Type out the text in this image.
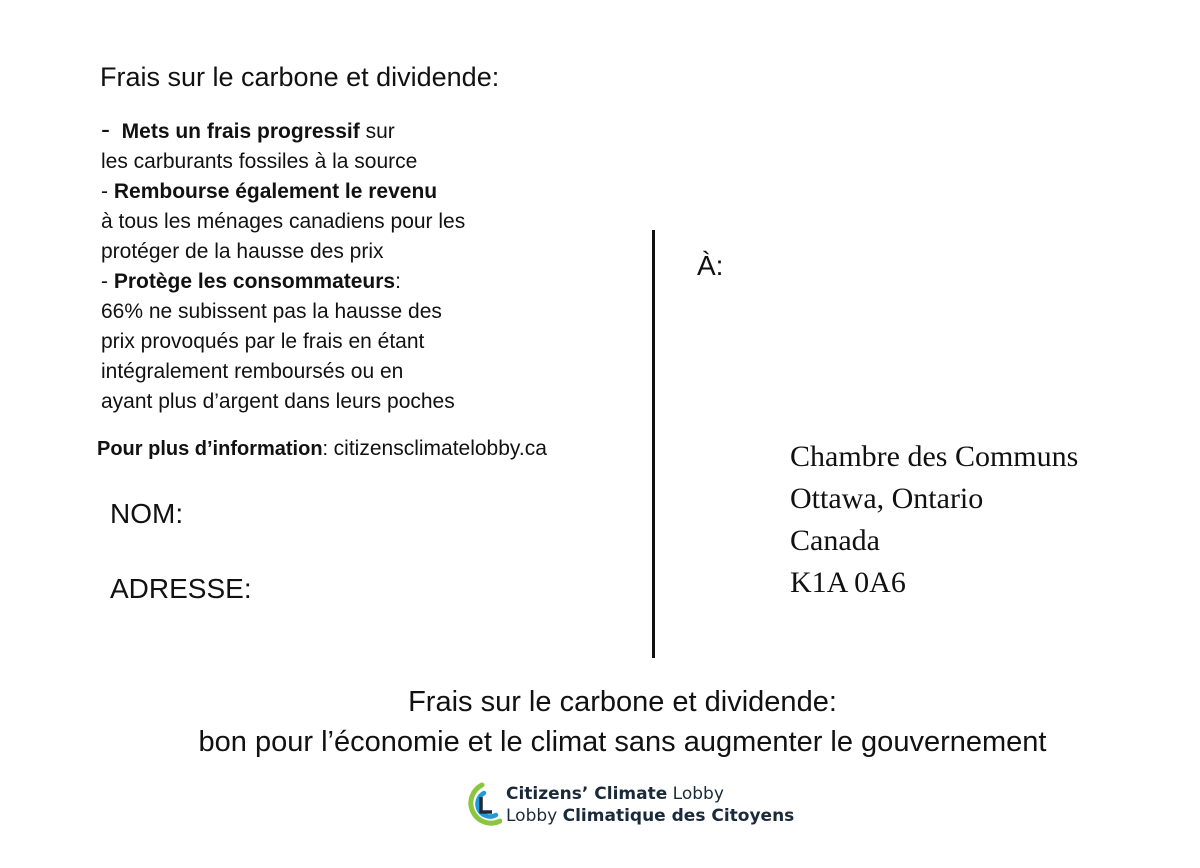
Frais sur le carbone et dividende:
- Mets un frais progressif sur
les carburants fossiles à la source
- Rembourse également le revenu
à tous les ménages canadiens pour les
protéger de la hausse des prix
- Protège les consommateurs:
66% ne subissent pas la hausse des
prix provoqués par le frais en étant
intégralement remboursés ou en
ayant plus d’argent dans leurs poches
Pour plus d’information: citizensclimatelobby.ca
NOM:
ADRESSE:
À:
Chambre des Communs
Ottawa, Ontario
Canada
K1A 0A6
Frais sur le carbone et dividende:
bon pour l’économie et le climat sans augmenter le gouvernement
Citizens’ Climate Lobby
Lobby Climatique des Citoyens
